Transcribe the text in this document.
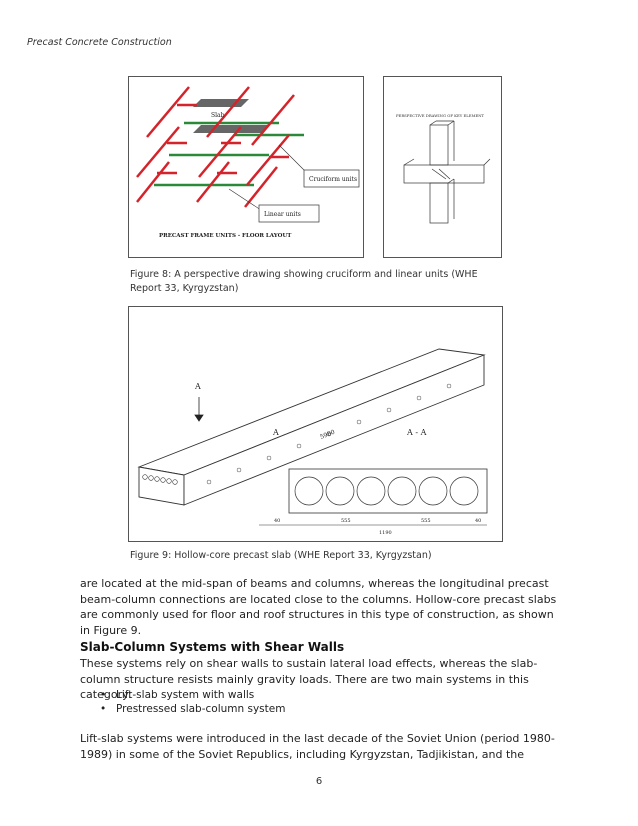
Precast Concrete Construction
Slab
Cruciform units
Linear units
PRECAST FRAME UNITS - FLOOR LAYOUT
PERSPECTIVE DRAWING OF KEY ELEMENT
Figure 8: A perspective drawing showing cruciform and linear units (WHE Report 33, Kyrgyzstan)
A
A	5980	A - A
40	555	555	40
1190
Figure 9: Hollow-core precast slab (WHE Report 33, Kyrgyzstan)
are located at the mid-span of beams and columns, whereas the longitudinal precast beam-column connections are located close to the columns. Hollow-core precast slabs are commonly used for floor and roof structures in this type of construction, as shown in Figure 9.
Slab-Column Systems with Shear Walls
These systems rely on shear walls to sustain lateral load effects, whereas the slab-column structure resists mainly gravity loads. There are two main systems in this category:
• Lift-slab system with walls
• Prestressed slab-column system
Lift-slab systems were introduced in the last decade of the Soviet Union (period 1980-1989) in some of the Soviet Republics, including Kyrgyzstan, Tadjikistan, and the
6
